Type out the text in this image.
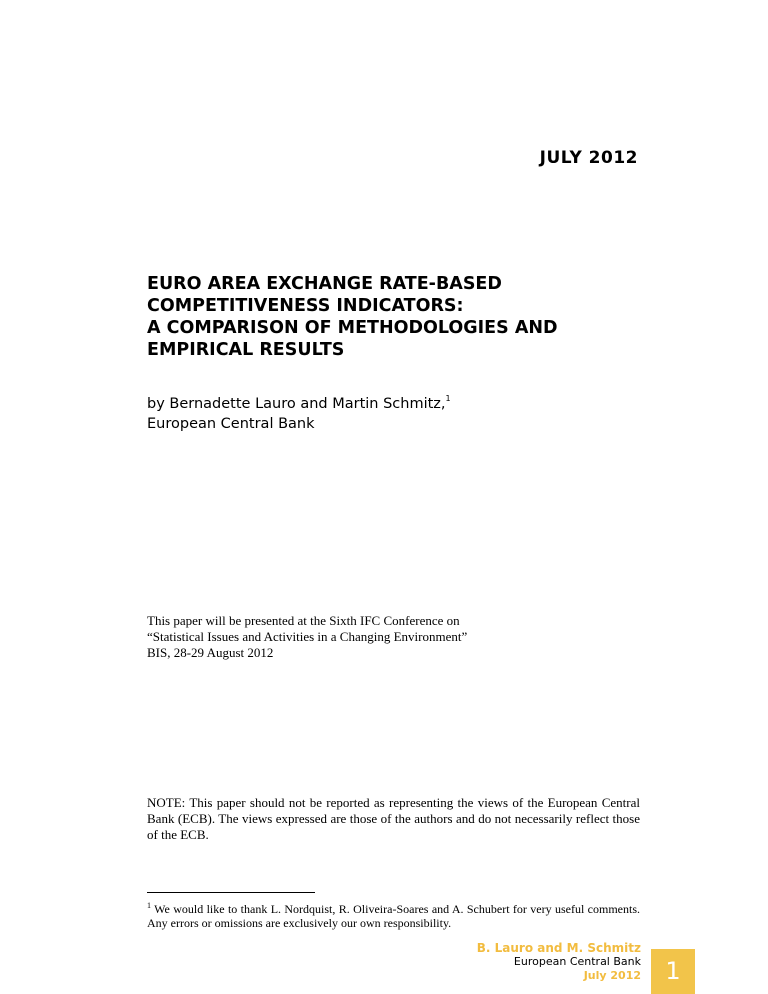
JULY 2012
EURO AREA EXCHANGE RATE-BASED
COMPETITIVENESS INDICATORS:
A COMPARISON OF METHODOLOGIES AND
EMPIRICAL RESULTS
by Bernadette Lauro and Martin Schmitz,$^1$
European Central Bank
This paper will be presented at the Sixth IFC Conference on
“Statistical Issues and Activities in a Changing Environment”
BIS, 28-29 August 2012
NOTE: This paper should not be reported as representing the views of the European Central Bank (ECB). The views expressed are those of the authors and do not necessarily reflect those of the ECB.
$^1$ We would like to thank L. Nordquist, R. Oliveira-Soares and A. Schubert for very useful comments. Any errors or omissions are exclusively our own responsibility.
B. Lauro and M. Schmitz
European Central Bank
July 2012	1
